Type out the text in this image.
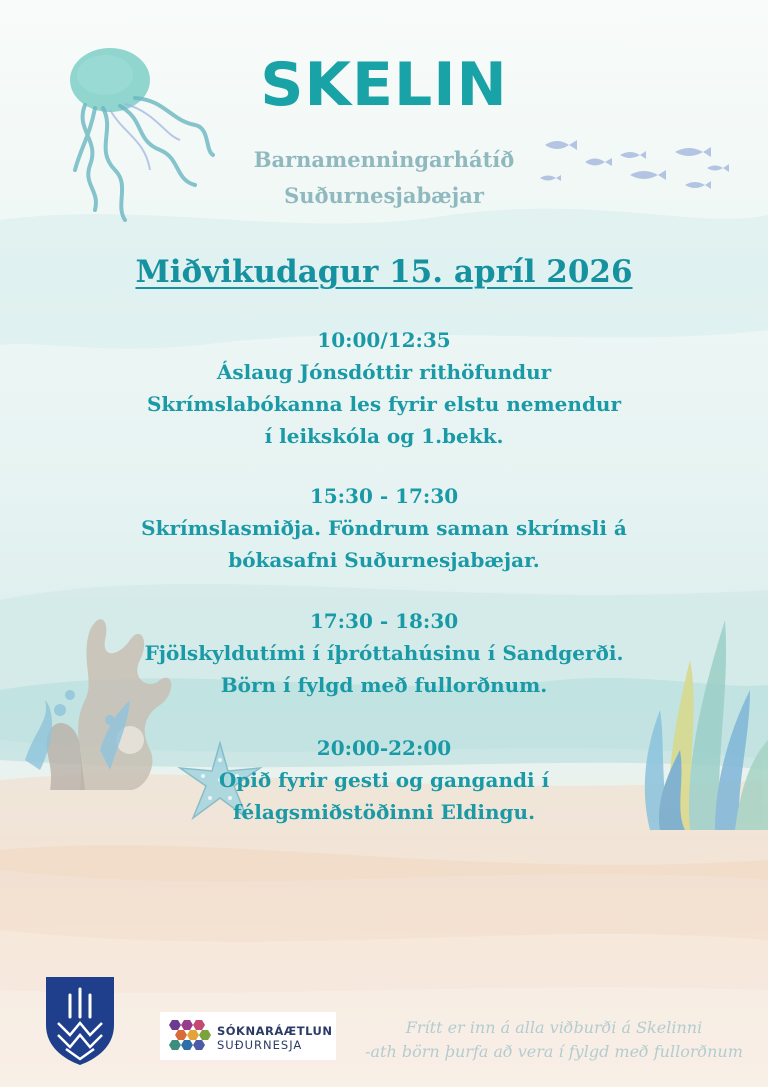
SKELIN
Barnamenningarhátíð
Suðurnesjabæjar
Miðvikudagur 15. apríl 2026
10:00/12:35
Áslaug Jónsdóttir rithöfundur
Skrímslabókanna les fyrir elstu nemendur
í leikskóla og 1.bekk.
15:30 - 17:30
Skrímslasmiðja. Föndrum saman skrímsli á
bókasafni Suðurnesjabæjar.
17:30 - 18:30
Fjölskyldutími í íþróttahúsinu í Sandgerði.
Börn í fylgd með fullorðnum.
20:00-22:00
Opið fyrir gesti og gangandi í
félagsmiðstöðinni Eldingu.
SÓKNARÁÆTLUN
SUÐURNESJA
Frítt er inn á alla viðburði á Skelinni
-ath börn þurfa að vera í fylgd með fullorðnum
